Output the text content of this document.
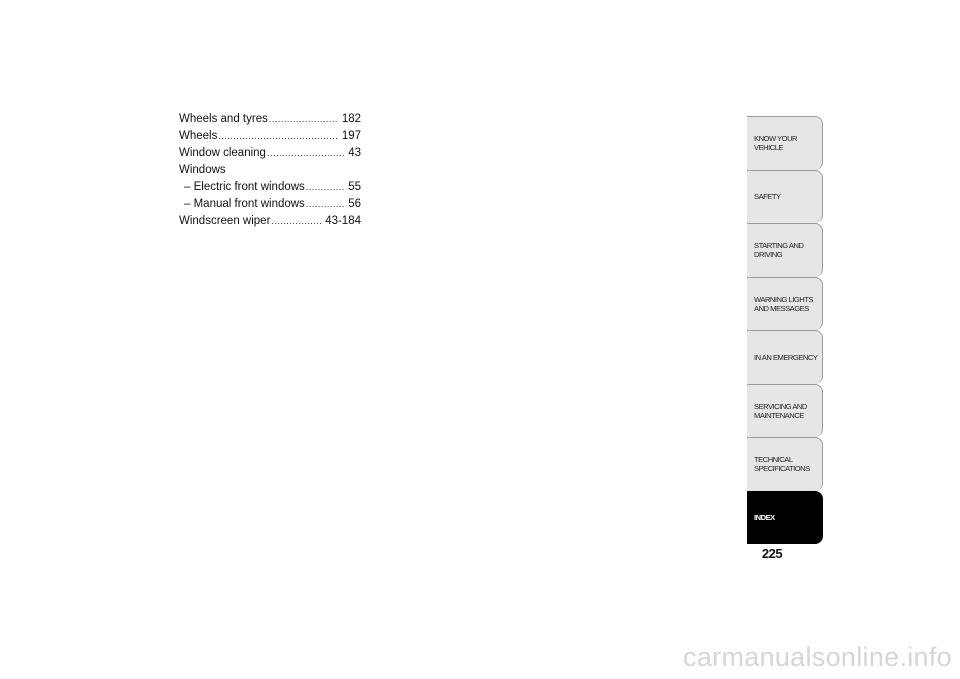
Wheels and tyres .....	182
Wheels .....	197
Window cleaning .....	43
Windows
– Electric front windows .....	55
– Manual front windows .....	56
Windscreen wiper .....	43-184
KNOW YOUR
VEHICLE
SAFETY
STARTING AND
DRIVING
WARNING LIGHTS
AND MESSAGES
IN AN EMERGENCY
SERVICING AND
MAINTENANCE
TECHNICAL
SPECIFICATIONS
INDEX
225
carmanualsonline.info
